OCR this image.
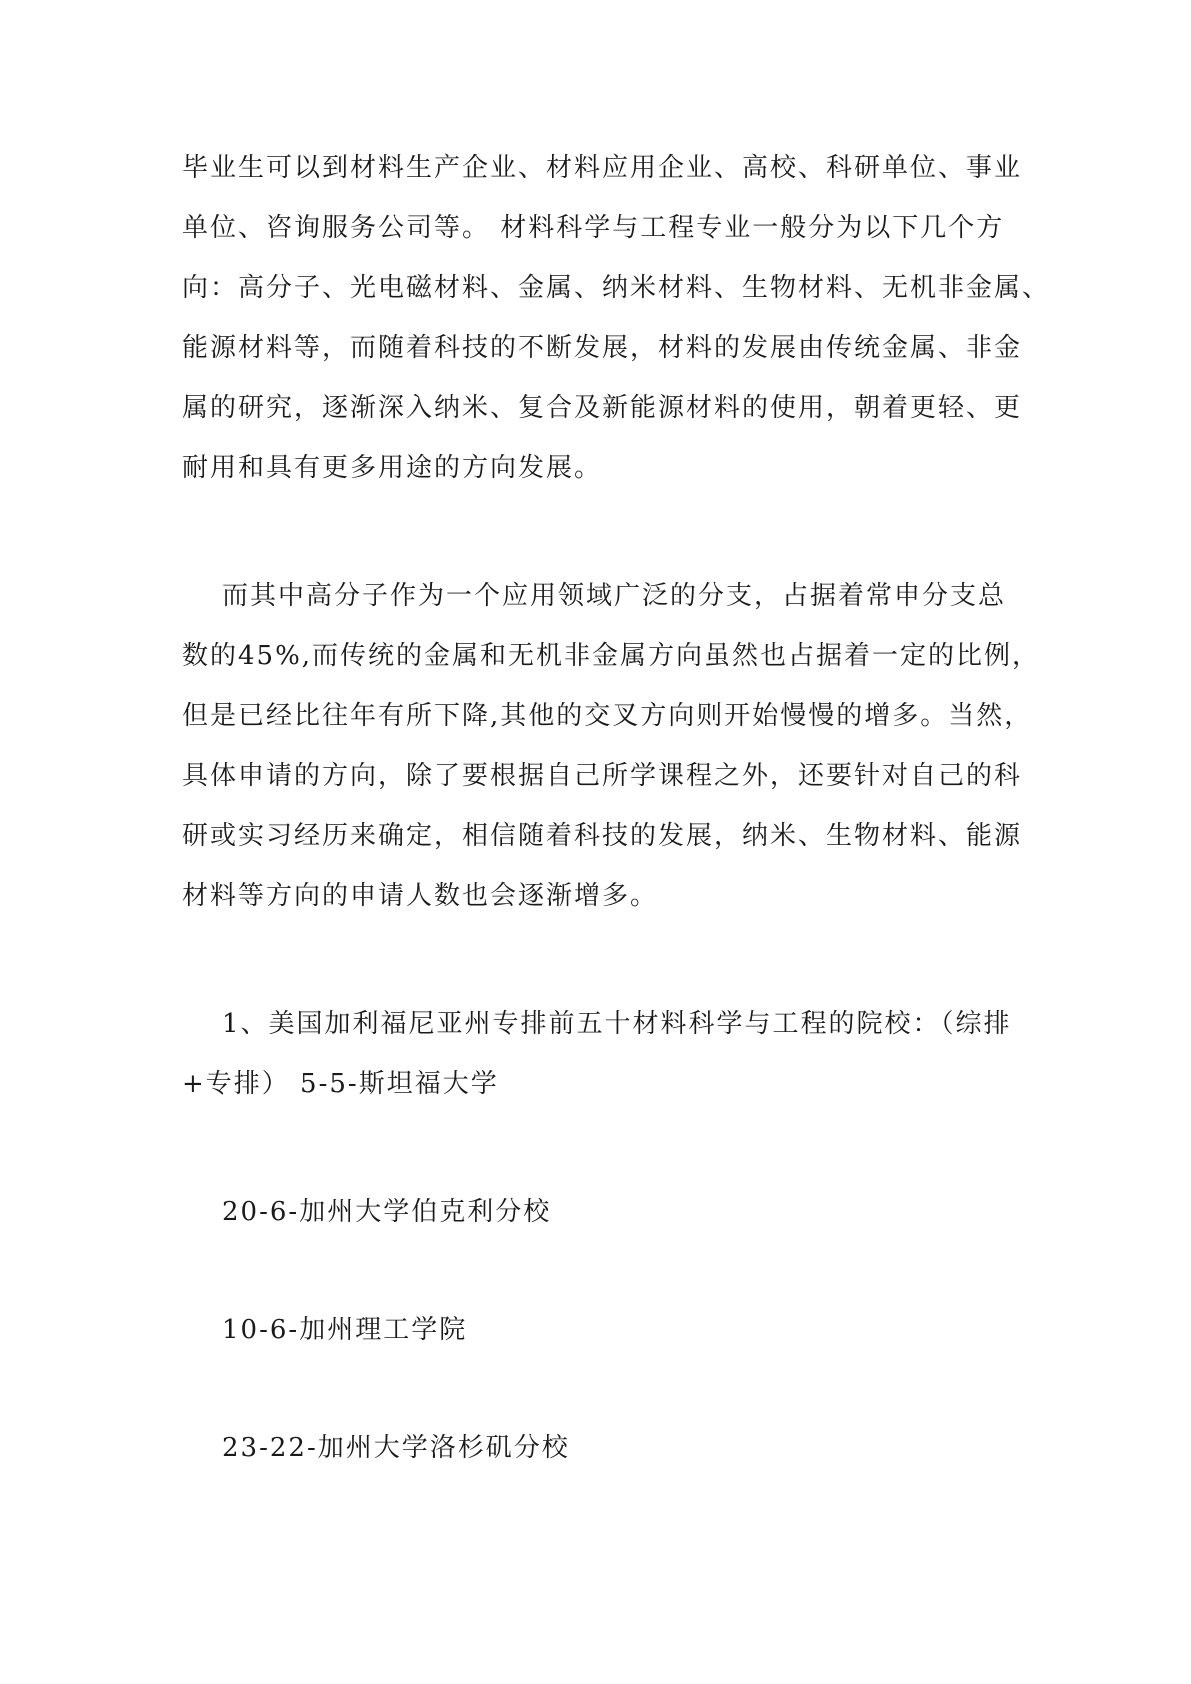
毕业生可以到材料生产企业、材料应用企业、高校、科研单位、事业
单位、咨询服务公司等。 材料科学与工程专业一般分为以下几个方
向：高分子、光电磁材料、金属、纳米材料、生物材料、无机非金属、
能源材料等，而随着科技的不断发展，材料的发展由传统金属、非金
属的研究，逐渐深入纳米、复合及新能源材料的使用，朝着更轻、更
耐用和具有更多用途的方向发展。
而其中高分子作为一个应用领域广泛的分支，占据着常申分支总
数的45%,而传统的金属和无机非金属方向虽然也占据着一定的比例，
但是已经比往年有所下降,其他的交叉方向则开始慢慢的增多。当然，
具体申请的方向，除了要根据自己所学课程之外，还要针对自己的科
研或实习经历来确定，相信随着科技的发展，纳米、生物材料、能源
材料等方向的申请人数也会逐渐增多。
1、美国加利福尼亚州专排前五十材料科学与工程的院校：（综排
+专排） 5-5-斯坦福大学
20-6-加州大学伯克利分校
10-6-加州理工学院
23-22-加州大学洛杉矶分校
